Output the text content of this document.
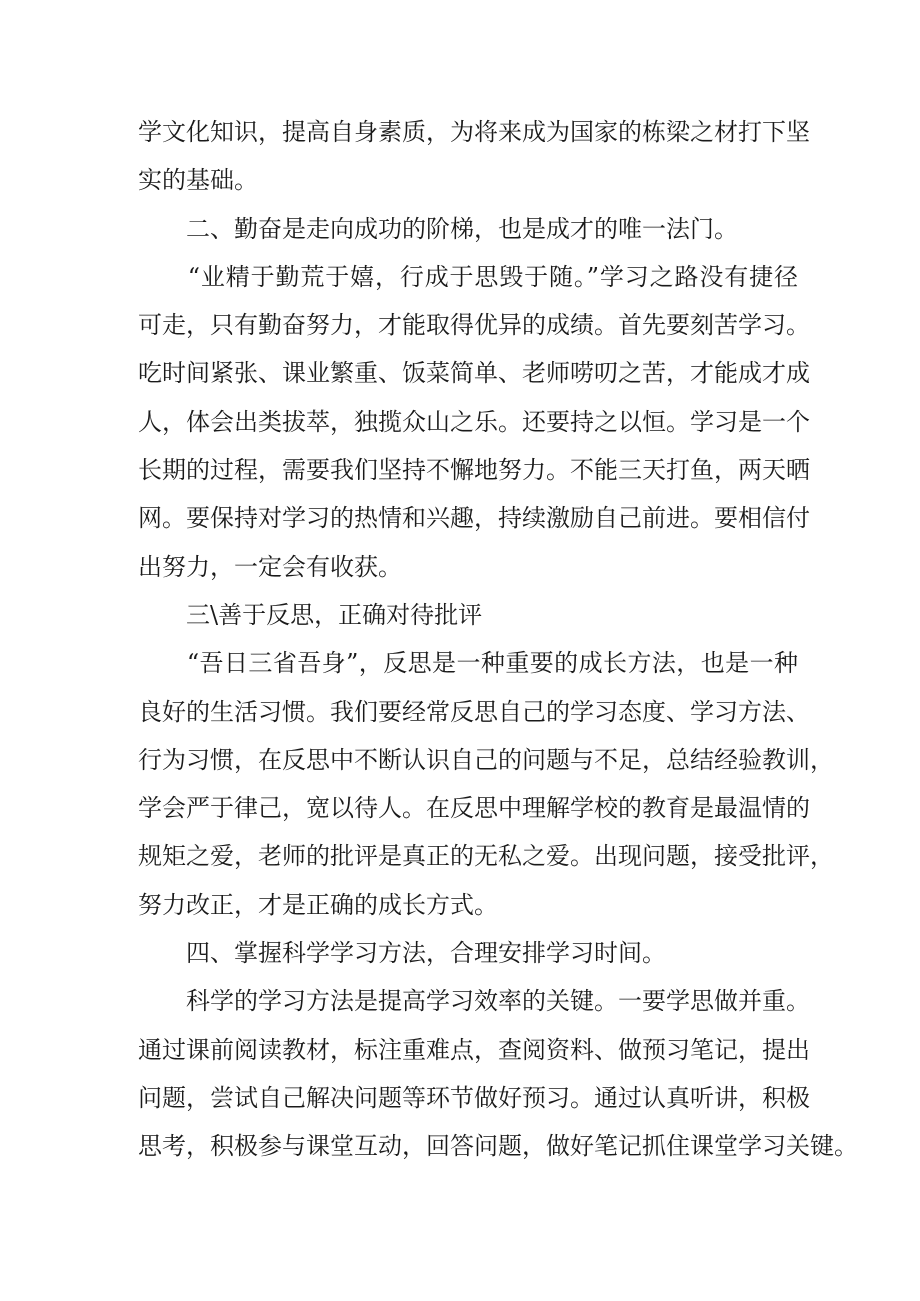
学文化知识，提高自身素质，为将来成为国家的栋梁之材打下坚
实的基础。
　　二、勤奋是走向成功的阶梯，也是成才的唯一法门。
　　“业精于勤荒于嬉，行成于思毁于随。”学习之路没有捷径
可走，只有勤奋努力，才能取得优异的成绩。首先要刻苦学习。
吃时间紧张、课业繁重、饭菜简单、老师唠叨之苦，才能成才成
人，体会出类拔萃，独揽众山之乐。还要持之以恒。学习是一个
长期的过程，需要我们坚持不懈地努力。不能三天打鱼，两天晒
网。要保持对学习的热情和兴趣，持续激励自己前进。要相信付
出努力，一定会有收获。
　　三\善于反思，正确对待批评
　　“吾日三省吾身”，反思是一种重要的成长方法，也是一种
良好的生活习惯。我们要经常反思自己的学习态度、学习方法、
行为习惯，在反思中不断认识自己的问题与不足，总结经验教训，
学会严于律己，宽以待人。在反思中理解学校的教育是最温情的
规矩之爱，老师的批评是真正的无私之爱。出现问题，接受批评，
努力改正，才是正确的成长方式。
　　四、掌握科学学习方法，合理安排学习时间。
　　科学的学习方法是提高学习效率的关键。一要学思做并重。
通过课前阅读教材，标注重难点，查阅资料、做预习笔记，提出
问题，尝试自己解决问题等环节做好预习。通过认真听讲，积极
思考，积极参与课堂互动，回答问题，做好笔记抓住课堂学习关键。
